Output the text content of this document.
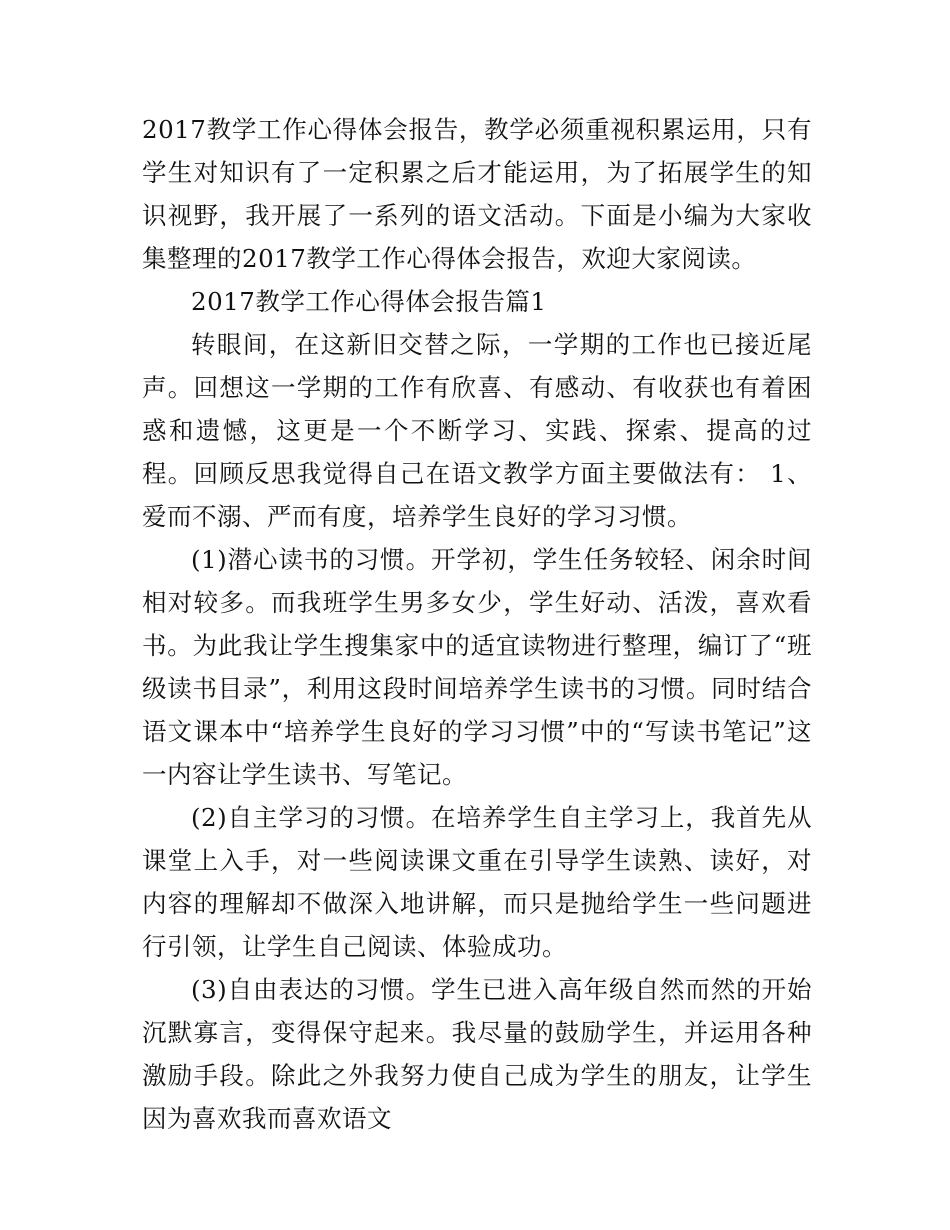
2017教学工作心得体会报告，教学必须重视积累运用，只有学生对知识有了一定积累之后才能运用，为了拓展学生的知识视野，我开展了一系列的语文活动。下面是小编为大家收集整理的2017教学工作心得体会报告，欢迎大家阅读。

2017教学工作心得体会报告篇1

转眼间，在这新旧交替之际，一学期的工作也已接近尾声。回想这一学期的工作有欣喜、有感动、有收获也有着困惑和遗憾，这更是一个不断学习、实践、探索、提高的过程。回顾反思我觉得自己在语文教学方面主要做法有： 1、爱而不溺、严而有度，培养学生良好的学习习惯。

(1)潜心读书的习惯。开学初，学生任务较轻、闲余时间相对较多。而我班学生男多女少，学生好动、活泼，喜欢看书。为此我让学生搜集家中的适宜读物进行整理，编订了“班级读书目录”，利用这段时间培养学生读书的习惯。同时结合语文课本中“培养学生良好的学习习惯”中的“写读书笔记”这一内容让学生读书、写笔记。

(2)自主学习的习惯。在培养学生自主学习上，我首先从课堂上入手，对一些阅读课文重在引导学生读熟、读好，对内容的理解却不做深入地讲解，而只是抛给学生一些问题进行引领，让学生自己阅读、体验成功。

(3)自由表达的习惯。学生已进入高年级自然而然的开始沉默寡言，变得保守起来。我尽量的鼓励学生，并运用各种激励手段。除此之外我努力使自己成为学生的朋友，让学生因为喜欢我而喜欢语文
